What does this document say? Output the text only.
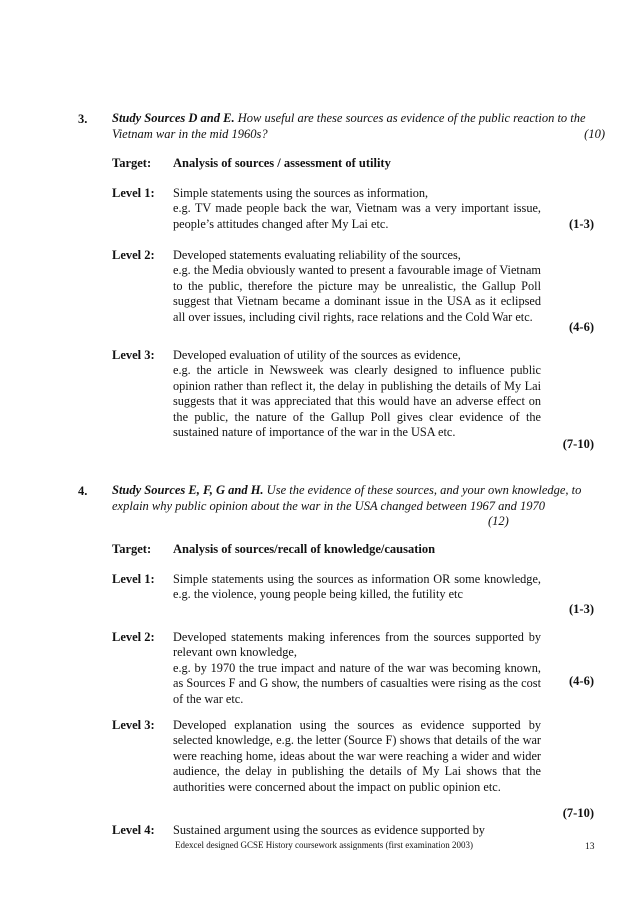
3. Study Sources D and E. How useful are these sources as evidence of the public reaction to the Vietnam war in the mid 1960s?	(10)
Target: Analysis of sources / assessment of utility
Level 1: Simple statements using the sources as information,

e.g. TV made people back the war, Vietnam was a very important issue, people’s attitudes changed after My Lai etc.	(1-3)
Level 2: Developed statements evaluating reliability of the sources,

e.g. the Media obviously wanted to present a favourable image of Vietnam to the public, therefore the picture may be unrealistic, the Gallup Poll suggest that Vietnam became a dominant issue in the USA as it eclipsed all over issues, including civil rights, race relations and the Cold War etc.

(4-6)
Level 3: Developed evaluation of utility of the sources as evidence,

e.g. the article in Newsweek was clearly designed to influence public opinion rather than reflect it, the delay in publishing the details of My Lai suggests that it was appreciated that this would have an adverse effect on the public, the nature of the Gallup Poll gives clear evidence of the sustained nature of importance of the war in the USA etc.

(7-10)
4. Study Sources E, F, G and H. Use the evidence of these sources, and your own knowledge, to explain why public opinion about the war in the USA changed between 1967 and 1970
(12)
Target: Analysis of sources/recall of knowledge/causation
Level 1: Simple statements using the sources as information OR some knowledge, e.g. the violence, young people being killed, the futility etc

(1-3)
Level 2: Developed statements making inferences from the sources supported by relevant own knowledge,

e.g. by 1970 the true impact and nature of the war was becoming known, as Sources F and G show, the numbers of casualties were rising as the cost of the war etc.

(4-6)
Level 3: Developed explanation using the sources as evidence supported by selected knowledge, e.g. the letter (Source F) shows that details of the war were reaching home, ideas about the war were reaching a wider and wider audience, the delay in publishing the details of My Lai shows that the authorities were concerned about the impact on public opinion etc.

(7-10)
Level 4: Sustained argument using the sources as evidence supported by

Edexcel designed GCSE History coursework assignments (first examination 2003)	13
